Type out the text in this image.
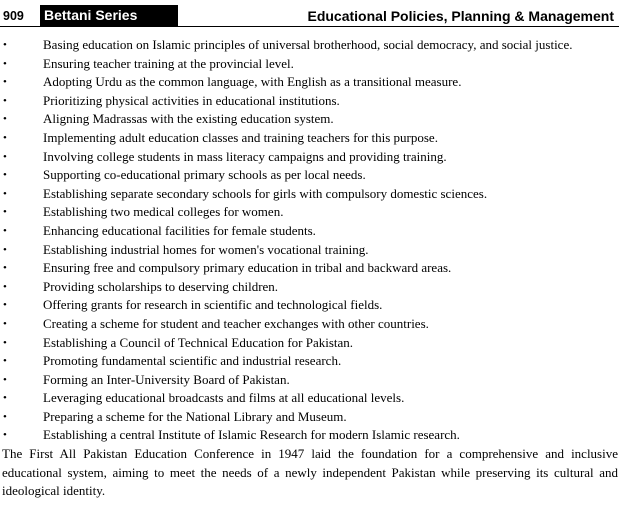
909 Bettani Series	Educational Policies, Planning & Management
•	Basing education on Islamic principles of universal brotherhood, social democracy, and social justice.
•	Ensuring teacher training at the provincial level.
•	Adopting Urdu as the common language, with English as a transitional measure.
•	Prioritizing physical activities in educational institutions.
•	Aligning Madrassas with the existing education system.
•	Implementing adult education classes and training teachers for this purpose.
•	Involving college students in mass literacy campaigns and providing training.
•	Supporting co-educational primary schools as per local needs.
•	Establishing separate secondary schools for girls with compulsory domestic sciences.
•	Establishing two medical colleges for women.
•	Enhancing educational facilities for female students.
•	Establishing industrial homes for women's vocational training.
•	Ensuring free and compulsory primary education in tribal and backward areas.
•	Providing scholarships to deserving children.
•	Offering grants for research in scientific and technological fields.
•	Creating a scheme for student and teacher exchanges with other countries.
•	Establishing a Council of Technical Education for Pakistan.
•	Promoting fundamental scientific and industrial research.
•	Forming an Inter-University Board of Pakistan.
•	Leveraging educational broadcasts and films at all educational levels.
•	Preparing a scheme for the National Library and Museum.
•	Establishing a central Institute of Islamic Research for modern Islamic research.

The First All Pakistan Education Conference in 1947 laid the foundation for a comprehensive and inclusive educational system, aiming to meet the needs of a newly independent Pakistan while preserving its cultural and ideological identity.
